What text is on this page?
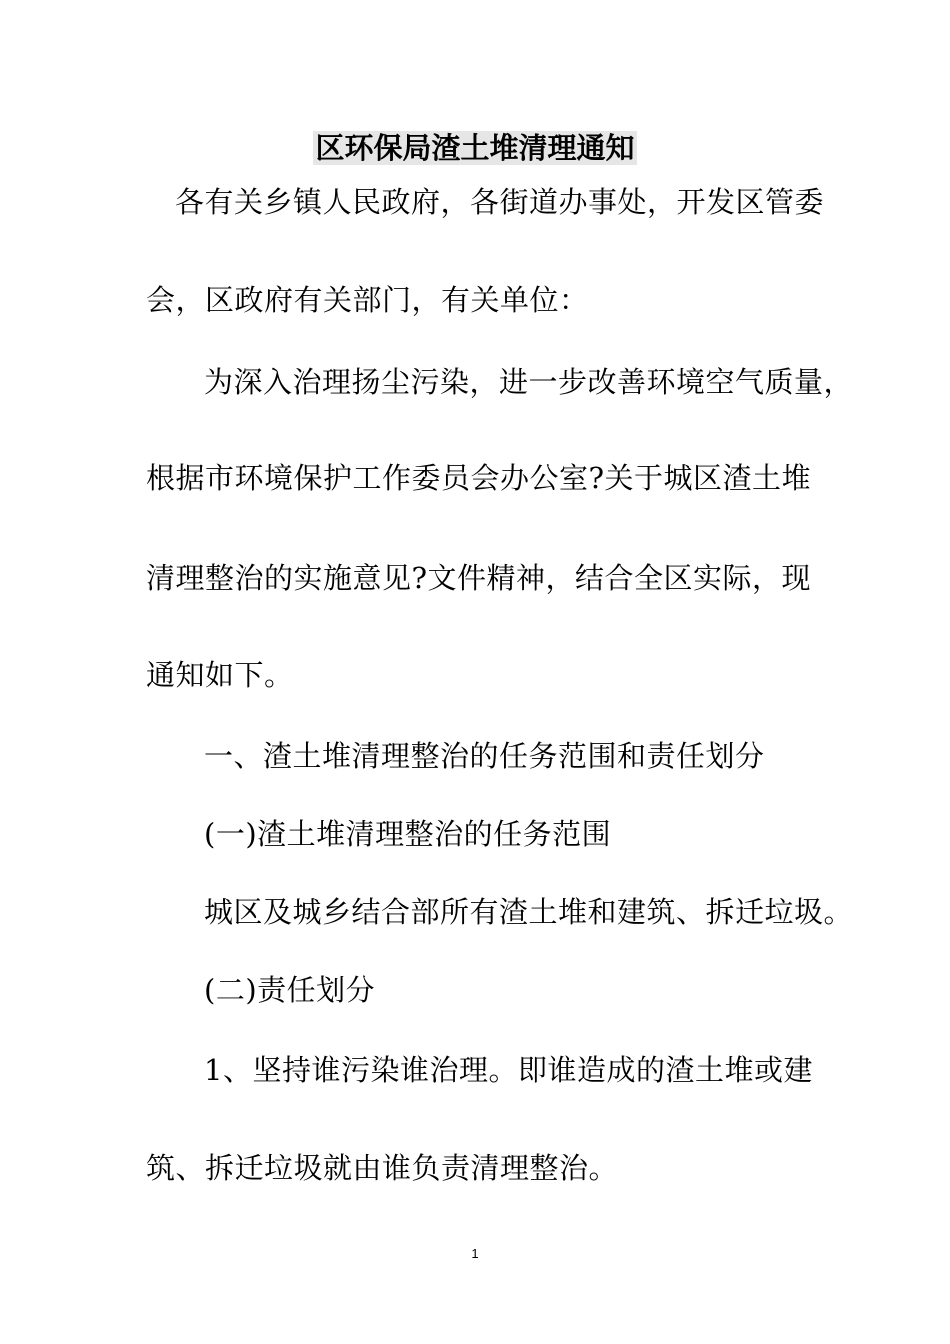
区环保局渣土堆清理通知
各有关乡镇人民政府，各街道办事处，开发区管委
会，区政府有关部门，有关单位：
为深入治理扬尘污染，进一步改善环境空气质量，
根据市环境保护工作委员会办公室?关于城区渣土堆
清理整治的实施意见?文件精神，结合全区实际，现
通知如下。
一、渣土堆清理整治的任务范围和责任划分
(一)渣土堆清理整治的任务范围
城区及城乡结合部所有渣土堆和建筑、拆迁垃圾。
(二)责任划分
1、坚持谁污染谁治理。即谁造成的渣土堆或建
筑、拆迁垃圾就由谁负责清理整治。
1
